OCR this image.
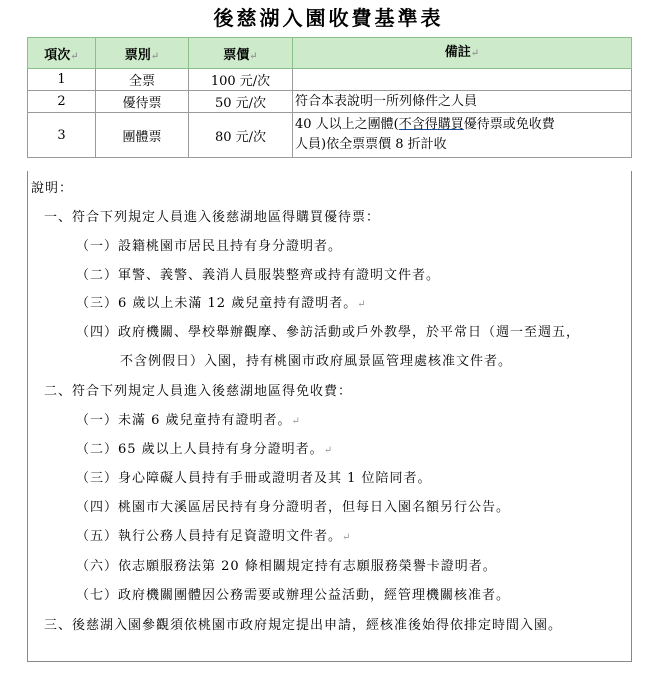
後慈湖入園收費基準表
項次↵	票別↵	票價↵	備註↵
1	全票	100 元/次	
2	優待票	50 元/次	符合本表說明一所列條件之人員
3	團體票	80 元/次	40 人以上之團體(不含得購買優待票或免收費
人員)依全票票價 8 折計收
說明：
一、符合下列規定人員進入後慈湖地區得購買優待票：
（一）設籍桃園市居民且持有身分證明者。
（二）軍警、義警、義消人員服裝整齊或持有證明文件者。
（三）6 歲以上未滿 12 歲兒童持有證明者。↵
（四）政府機關、學校舉辦觀摩、參訪活動或戶外教學，於平常日（週一至週五，
不含例假日）入園，持有桃園市政府風景區管理處核准文件者。
二、符合下列規定人員進入後慈湖地區得免收費：
（一）未滿 6 歲兒童持有證明者。↵
（二）65 歲以上人員持有身分證明者。↵
（三）身心障礙人員持有手冊或證明者及其 1 位陪同者。
（四）桃園市大溪區居民持有身分證明者，但每日入園名額另行公告。
（五）執行公務人員持有足資證明文件者。↵
（六）依志願服務法第 20 條相關規定持有志願服務榮譽卡證明者。
（七）政府機關團體因公務需要或辦理公益活動，經管理機關核准者。
三、後慈湖入園參觀須依桃園市政府規定提出申請，經核准後始得依排定時間入園。
